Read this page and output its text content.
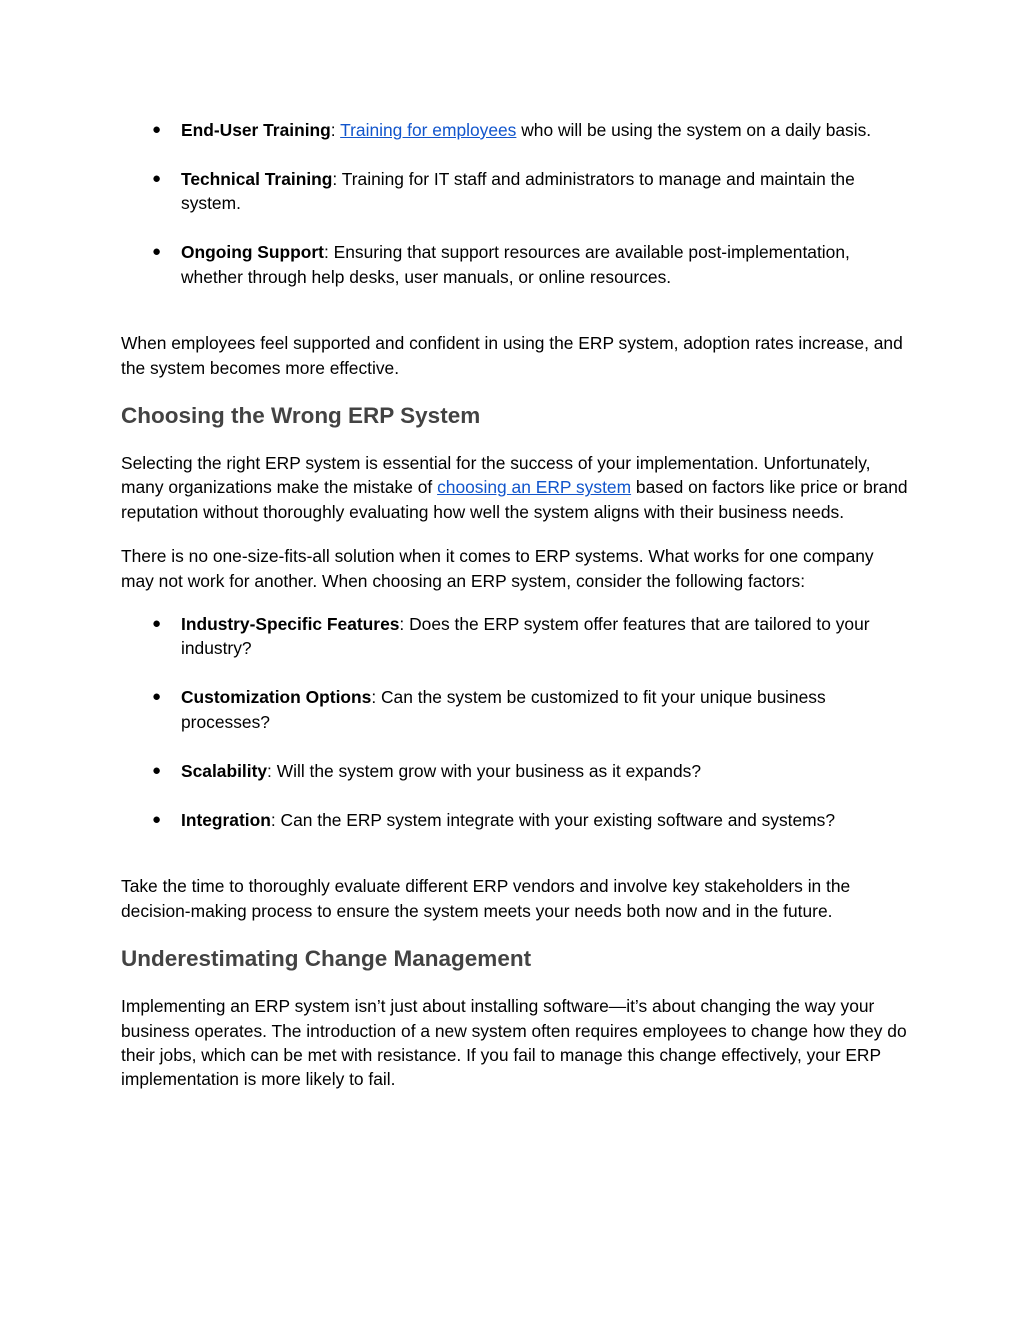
● End-User Training: Training for employees who will be using the system on a daily basis.
● Technical Training: Training for IT staff and administrators to manage and maintain the system.
● Ongoing Support: Ensuring that support resources are available post-implementation, whether through help desks, user manuals, or online resources.

When employees feel supported and confident in using the ERP system, adoption rates increase, and the system becomes more effective.

Choosing the Wrong ERP System

Selecting the right ERP system is essential for the success of your implementation. Unfortunately, many organizations make the mistake of choosing an ERP system based on factors like price or brand reputation without thoroughly evaluating how well the system aligns with their business needs.

There is no one-size-fits-all solution when it comes to ERP systems. What works for one company may not work for another. When choosing an ERP system, consider the following factors:

● Industry-Specific Features: Does the ERP system offer features that are tailored to your industry?
● Customization Options: Can the system be customized to fit your unique business processes?
● Scalability: Will the system grow with your business as it expands?
● Integration: Can the ERP system integrate with your existing software and systems?

Take the time to thoroughly evaluate different ERP vendors and involve key stakeholders in the decision-making process to ensure the system meets your needs both now and in the future.

Underestimating Change Management

Implementing an ERP system isn’t just about installing software—it’s about changing the way your business operates. The introduction of a new system often requires employees to change how they do their jobs, which can be met with resistance. If you fail to manage this change effectively, your ERP implementation is more likely to fail.
